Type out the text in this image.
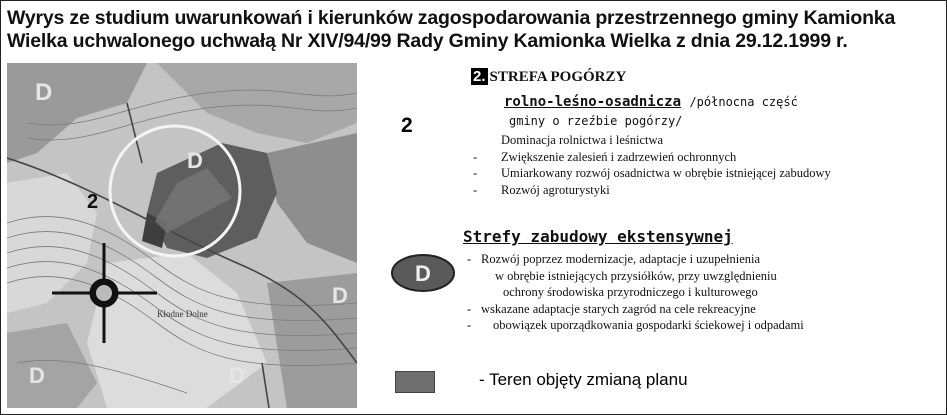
Wyrys ze studium uwarunkowań i kierunków zagospodarowania przestrzennego gminy Kamionka
Wielka uchwalonego uchwałą Nr XIV/94/99 Rady Gminy Kamionka Wielka z dnia 29.12.1999 r.
D
D
D
D
D
2
Kłodne Dolne
2
2. STREFA POGÓRZY
rolno-leśno-osadnicza /północna część
gminy o rzeźbie pogórzy/
Dominacja rolnictwa i leśnictwa
- Zwiększenie zalesień i zadrzewień ochronnych
- Umiarkowany rozwój osadnictwa w obrębie istniejącej zabudowy
- Rozwój agroturystyki
D
Strefy zabudowy ekstensywnej
- Rozwój poprzez modernizacje, adaptacje i uzupełnienia
w obrębie istniejących przysiółków, przy uwzględnieniu
ochrony środowiska przyrodniczego i kulturowego
- wskazane adaptacje starych zagród na cele rekreacyjne
- obowiązek uporządkowania gospodarki ściekowej i odpadami
- Teren objęty zmianą planu
